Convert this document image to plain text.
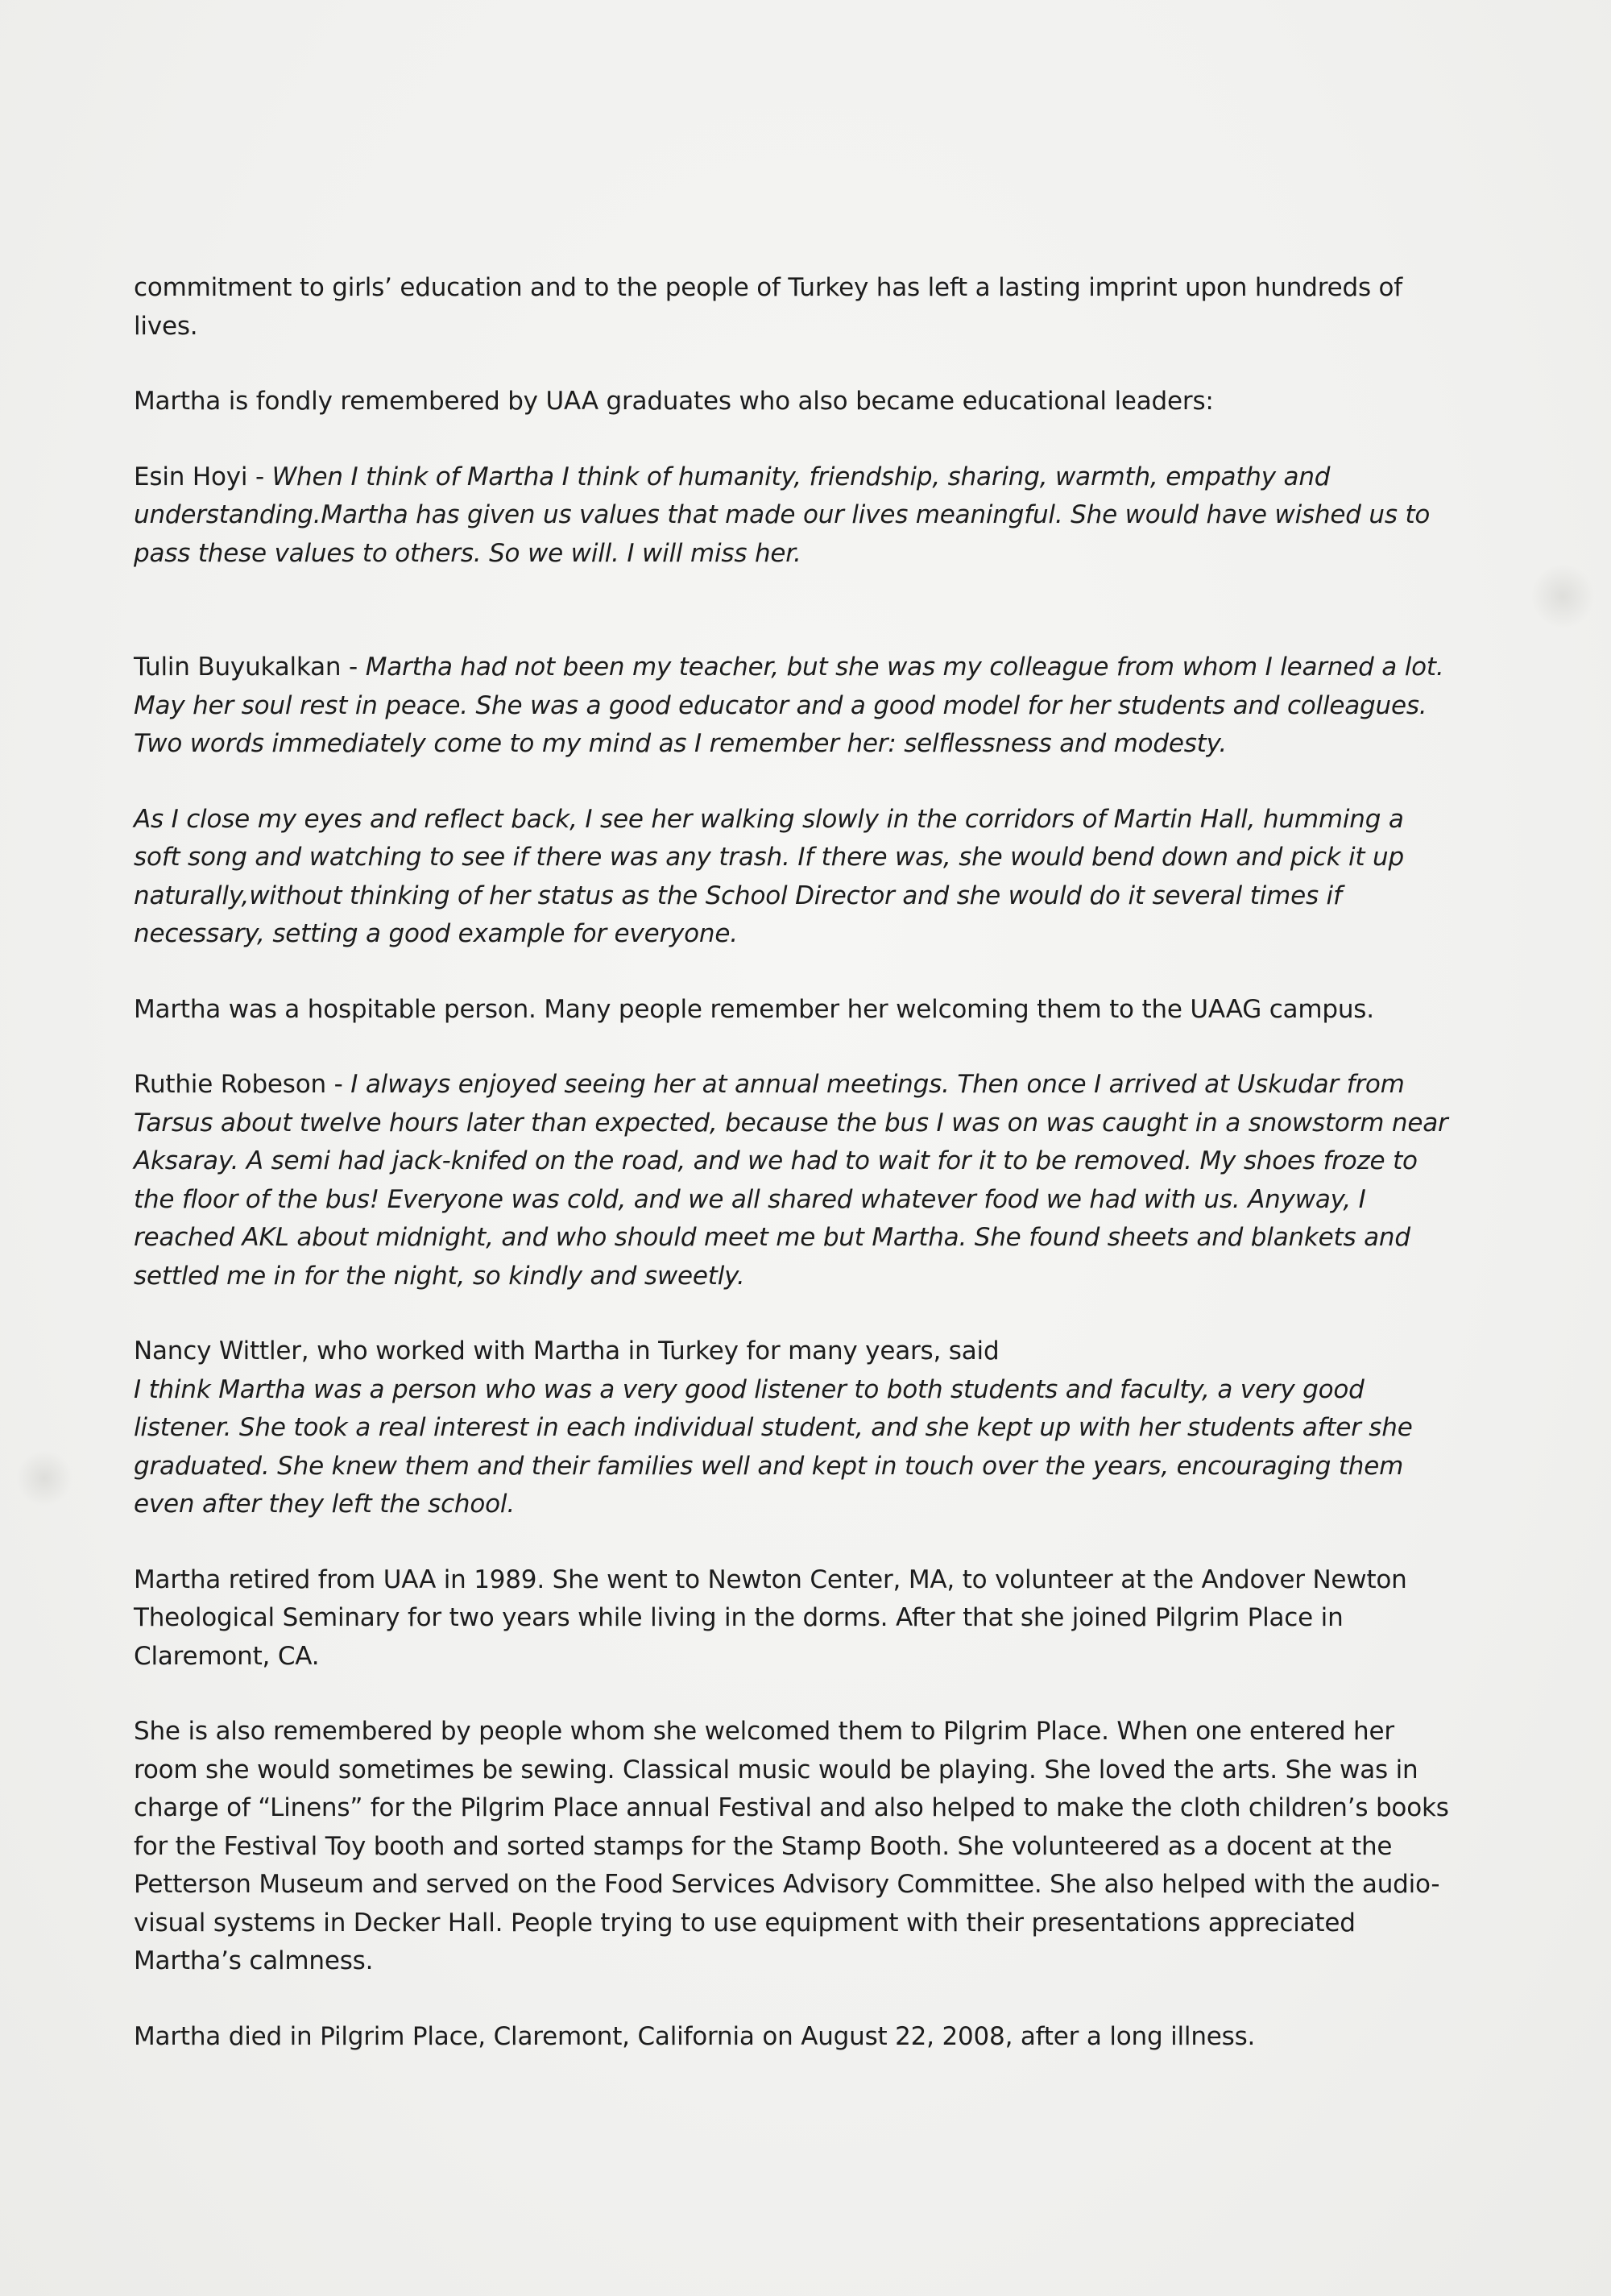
commitment to girls’ education and to the people of Turkey has left a lasting imprint upon hundreds of lives.

Martha is fondly remembered by UAA graduates who also became educational leaders:

Esin Hoyi - When I think of Martha I think of humanity, friendship, sharing, warmth, empathy and understanding.Martha has given us values that made our lives meaningful. She would have wished us to pass these values to others. So we will. I will miss her.

Tulin Buyukalkan - Martha had not been my teacher, but she was my colleague from whom I learned a lot. May her soul rest in peace. She was a good educator and a good model for her students and colleagues. Two words immediately come to my mind as I remember her: selflessness and modesty.

As I close my eyes and reflect back, I see her walking slowly in the corridors of Martin Hall, humming a soft song and watching to see if there was any trash. If there was, she would bend down and pick it up naturally,without thinking of her status as the School Director and she would do it several times if necessary, setting a good example for everyone.

Martha was a hospitable person. Many people remember her welcoming them to the UAAG campus.

Ruthie Robeson - I always enjoyed seeing her at annual meetings. Then once I arrived at Uskudar from Tarsus about twelve hours later than expected, because the bus I was on was caught in a snowstorm near Aksaray. A semi had jack-knifed on the road, and we had to wait for it to be removed. My shoes froze to the floor of the bus! Everyone was cold, and we all shared whatever food we had with us. Anyway, I reached AKL about midnight, and who should meet me but Martha. She found sheets and blankets and settled me in for the night, so kindly and sweetly.

Nancy Wittler, who worked with Martha in Turkey for many years, said
I think Martha was a person who was a very good listener to both students and faculty, a very good listener. She took a real interest in each individual student, and she kept up with her students after she graduated. She knew them and their families well and kept in touch over the years, encouraging them even after they left the school.

Martha retired from UAA in 1989. She went to Newton Center, MA, to volunteer at the Andover Newton Theological Seminary for two years while living in the dorms. After that she joined Pilgrim Place in Claremont, CA.

She is also remembered by people whom she welcomed them to Pilgrim Place. When one entered her room she would sometimes be sewing. Classical music would be playing. She loved the arts. She was in charge of “Linens” for the Pilgrim Place annual Festival and also helped to make the cloth children’s books for the Festival Toy booth and sorted stamps for the Stamp Booth. She volunteered as a docent at the Petterson Museum and served on the Food Services Advisory Committee. She also helped with the audio-visual systems in Decker Hall. People trying to use equipment with their presentations appreciated Martha’s calmness.

Martha died in Pilgrim Place, Claremont, California on August 22, 2008, after a long illness.
